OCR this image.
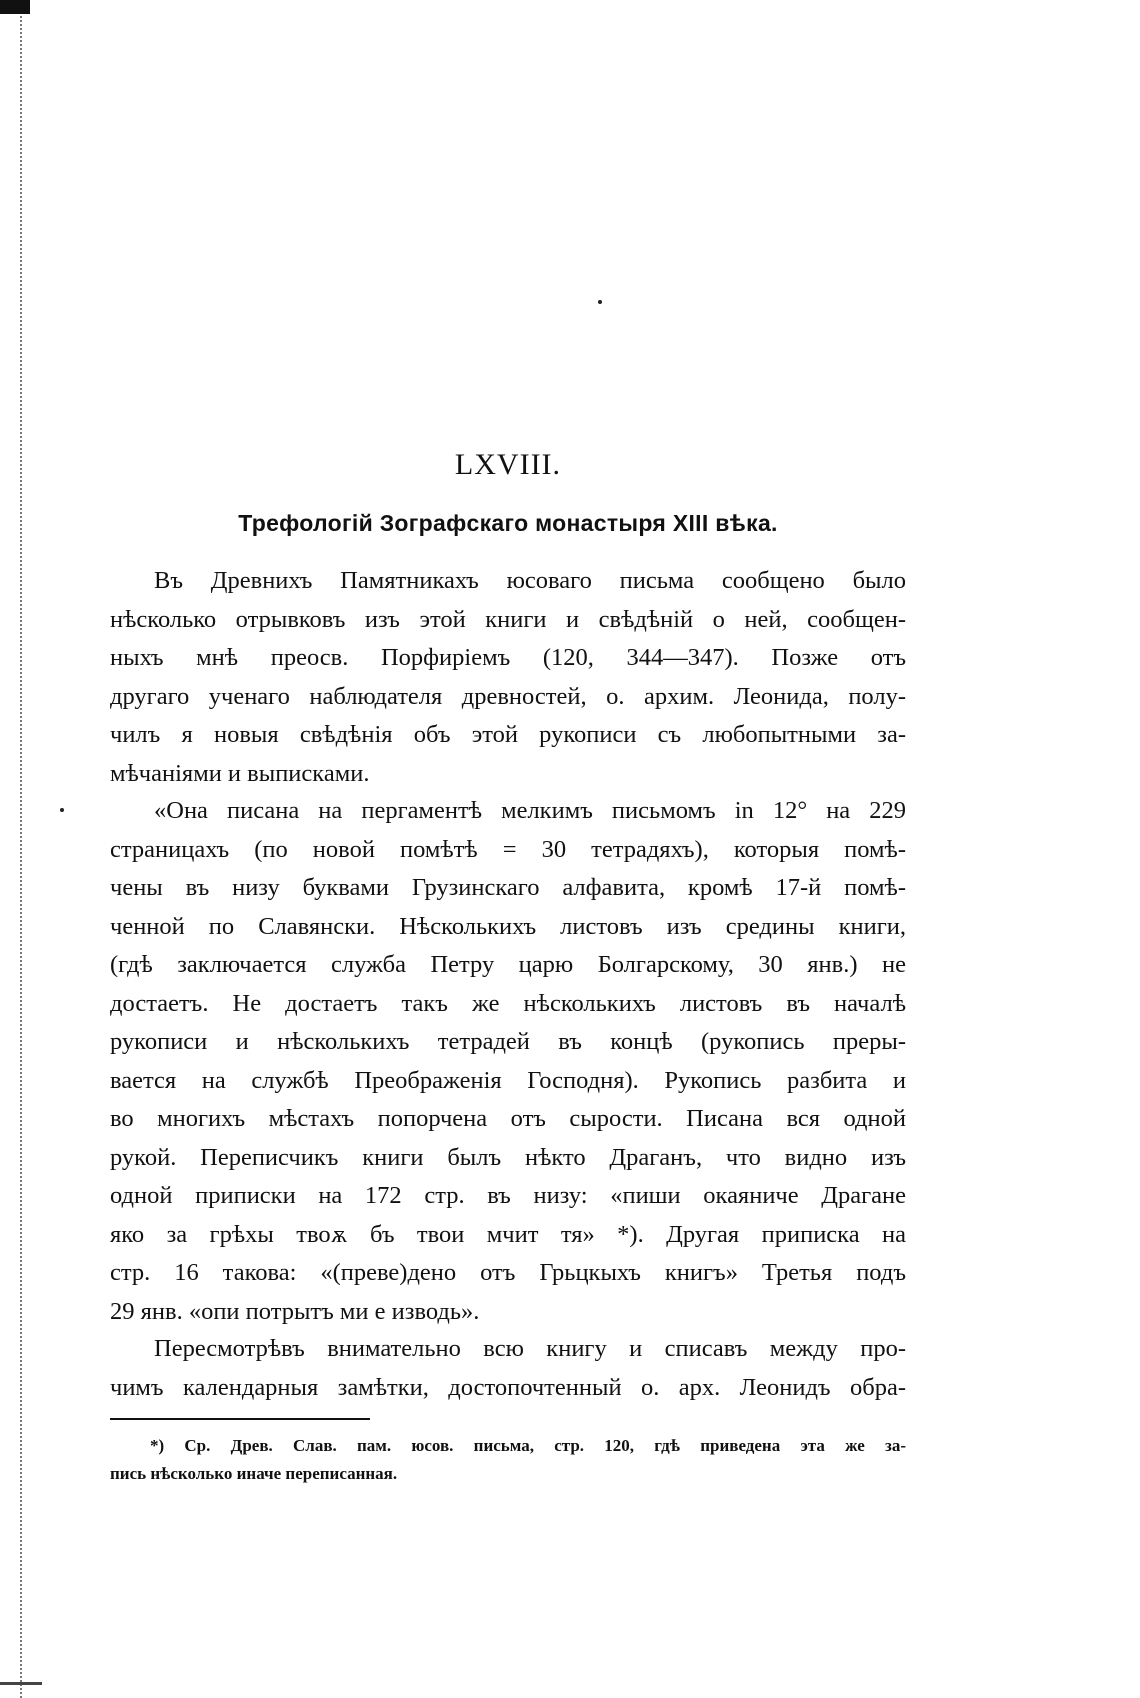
LXVIII.
Трефологій Зографскаго монастыря XIII вѣка.
Въ Древнихъ Памятникахъ юсоваго письма сообщено было
нѣсколько отрывковъ изъ этой книги и свѣдѣній о ней, сообщен-
ныхъ мнѣ преосв. Порфиріемъ (120, 344—347). Позже отъ
другаго ученаго наблюдателя древностей, о. архим. Леонида, полу-
чилъ я новыя свѣдѣнія объ этой рукописи съ любопытными за-
мѣчаніями и выписками.
«Она писана на пергаментѣ мелкимъ письмомъ in 12° на 229
страницахъ (по новой помѣтѣ = 30 тетрадяхъ), которыя помѣ-
чены въ низу буквами Грузинскаго алфавита, кромѣ 17-й помѣ-
ченной по Славянски. Нѣсколькихъ листовъ изъ средины книги,
(гдѣ заключается служба Петру царю Болгарскому, 30 янв.) не
достаетъ. Не достаетъ такъ же нѣсколькихъ листовъ въ началѣ
рукописи и нѣсколькихъ тетрадей въ концѣ (рукопись преры-
вается на службѣ Преображенія Господня). Рукопись разбита и
во многихъ мѣстахъ попорчена отъ сырости. Писана вся одной
рукой. Переписчикъ книги былъ нѣкто Драганъ, что видно изъ
одной приписки на 172 стр. въ низу: «пиши окаяниче Драгане
яко за грѣхы твоѫ бъ твои мчит тя» *). Другая приписка на
стр. 16 такова: «(преве)дено отъ Грьцкыхъ книгъ» Третья подъ
29 янв. «опи потрытъ ми е изводь».
Пересмотрѣвъ внимательно всю книгу и списавъ между про-
чимъ календарныя замѣтки, достопочтенный о. арх. Леонидъ обра-
*) Ср. Древ. Слав. пам. юсов. письма, стр. 120, гдѣ приведена эта же за-
пись нѣсколько иначе переписанная.
